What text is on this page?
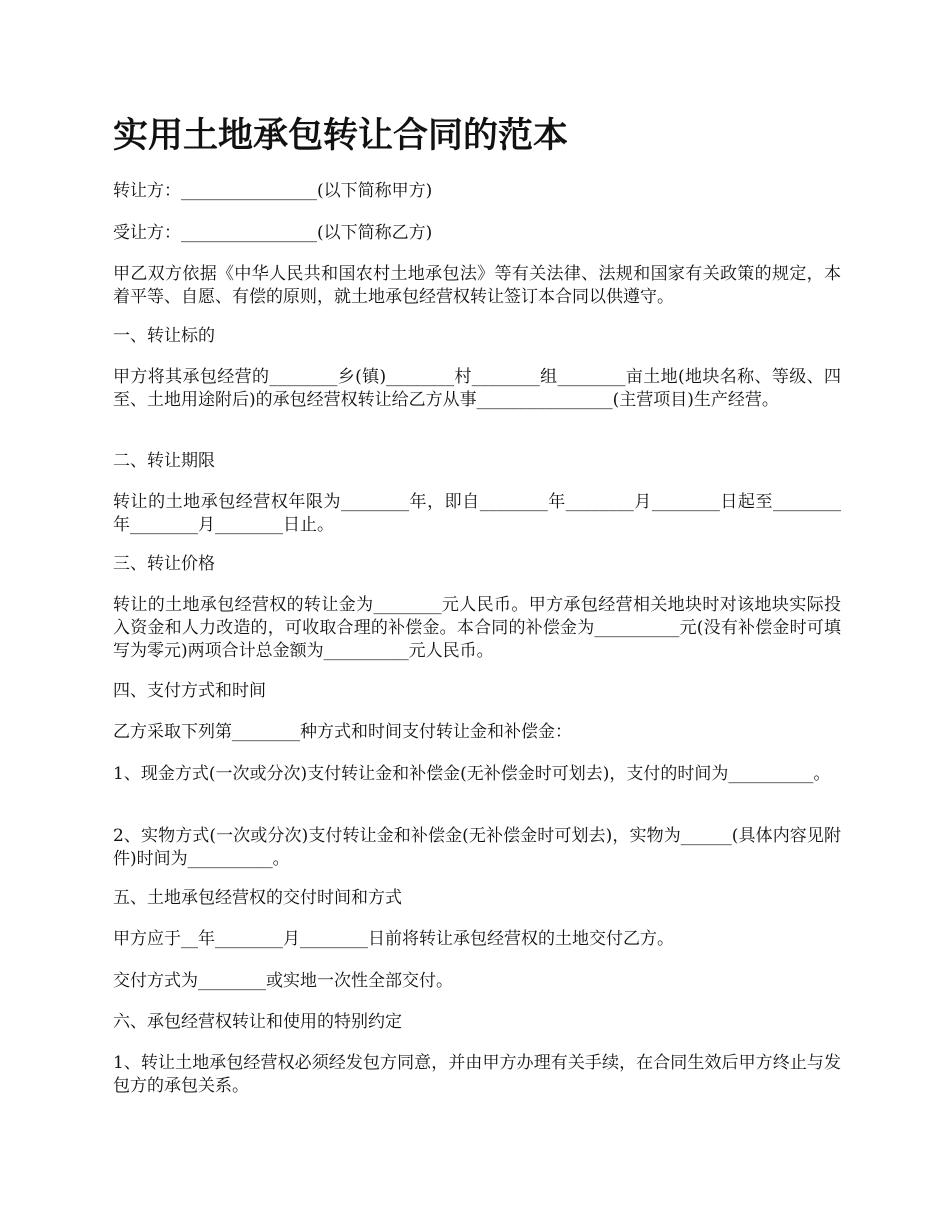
实用土地承包转让合同的范本

转让方：________________(以下简称甲方)

受让方：________________(以下简称乙方)

甲乙双方依据《中华人民共和国农村土地承包法》等有关法律、法规和国家有关政策的规定，本着平等、自愿、有偿的原则，就土地承包经营权转让签订本合同以供遵守。

一、转让标的

甲方将其承包经营的________乡(镇)________村________组________亩土地(地块名称、等级、四至、土地用途附后)的承包经营权转让给乙方从事________________(主营项目)生产经营。

二、转让期限

转让的土地承包经营权年限为________年，即自________年________月________日起至________年________月________日止。

三、转让价格

转让的土地承包经营权的转让金为________元人民币。甲方承包经营相关地块时对该地块实际投入资金和人力改造的，可收取合理的补偿金。本合同的补偿金为__________元(没有补偿金时可填写为零元)两项合计总金额为__________元人民币。

四、支付方式和时间

乙方采取下列第________种方式和时间支付转让金和补偿金：

1、现金方式(一次或分次)支付转让金和补偿金(无补偿金时可划去)，支付的时间为__________。

2、实物方式(一次或分次)支付转让金和补偿金(无补偿金时可划去)，实物为______(具体内容见附件)时间为__________。

五、土地承包经营权的交付时间和方式

甲方应于__年________月________日前将转让承包经营权的土地交付乙方。

交付方式为________或实地一次性全部交付。

六、承包经营权转让和使用的特别约定

1、转让土地承包经营权必须经发包方同意，并由甲方办理有关手续，在合同生效后甲方终止与发包方的承包关系。
